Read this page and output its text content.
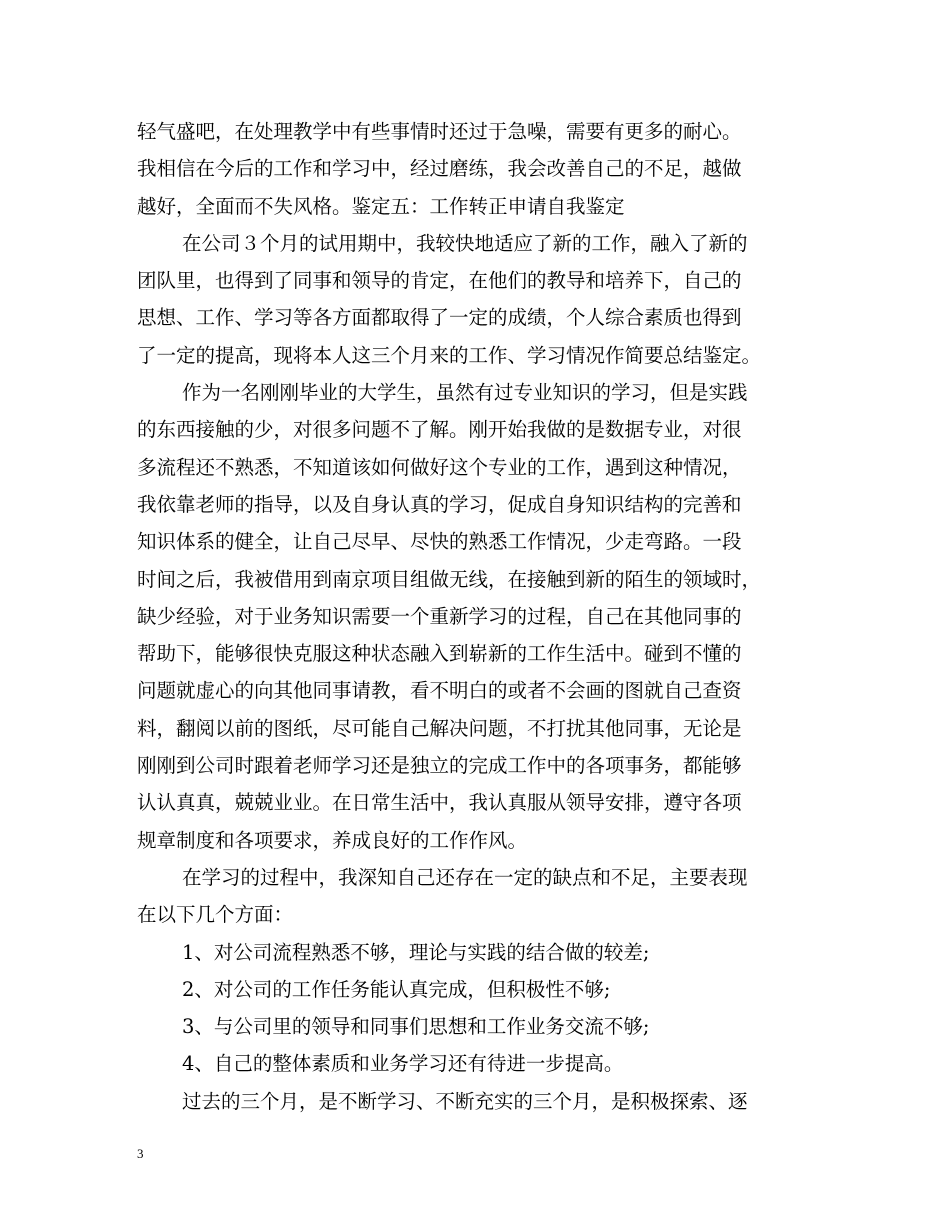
轻气盛吧，在处理教学中有些事情时还过于急噪，需要有更多的耐心。
我相信在今后的工作和学习中，经过磨练，我会改善自己的不足，越做
越好，全面而不失风格。鉴定五：工作转正申请自我鉴定
在公司３个月的试用期中，我较快地适应了新的工作，融入了新的
团队里，也得到了同事和领导的肯定，在他们的教导和培养下，自己的
思想、工作、学习等各方面都取得了一定的成绩，个人综合素质也得到
了一定的提高，现将本人这三个月来的工作、学习情况作简要总结鉴定。
作为一名刚刚毕业的大学生，虽然有过专业知识的学习，但是实践
的东西接触的少，对很多问题不了解。刚开始我做的是数据专业，对很
多流程还不熟悉，不知道该如何做好这个专业的工作，遇到这种情况，
我依靠老师的指导，以及自身认真的学习，促成自身知识结构的完善和
知识体系的健全，让自己尽早、尽快的熟悉工作情况，少走弯路。一段
时间之后，我被借用到南京项目组做无线，在接触到新的陌生的领域时，
缺少经验，对于业务知识需要一个重新学习的过程，自己在其他同事的
帮助下，能够很快克服这种状态融入到崭新的工作生活中。碰到不懂的
问题就虚心的向其他同事请教，看不明白的或者不会画的图就自己查资
料，翻阅以前的图纸，尽可能自己解决问题，不打扰其他同事，无论是
刚刚到公司时跟着老师学习还是独立的完成工作中的各项事务，都能够
认认真真，兢兢业业。在日常生活中，我认真服从领导安排，遵守各项
规章制度和各项要求，养成良好的工作作风。
在学习的过程中，我深知自己还存在一定的缺点和不足，主要表现
在以下几个方面：
1、对公司流程熟悉不够，理论与实践的结合做的较差;
2、对公司的工作任务能认真完成，但积极性不够;
3、与公司里的领导和同事们思想和工作业务交流不够;
4、自己的整体素质和业务学习还有待进一步提高。
过去的三个月，是不断学习、不断充实的三个月，是积极探索、逐
3
